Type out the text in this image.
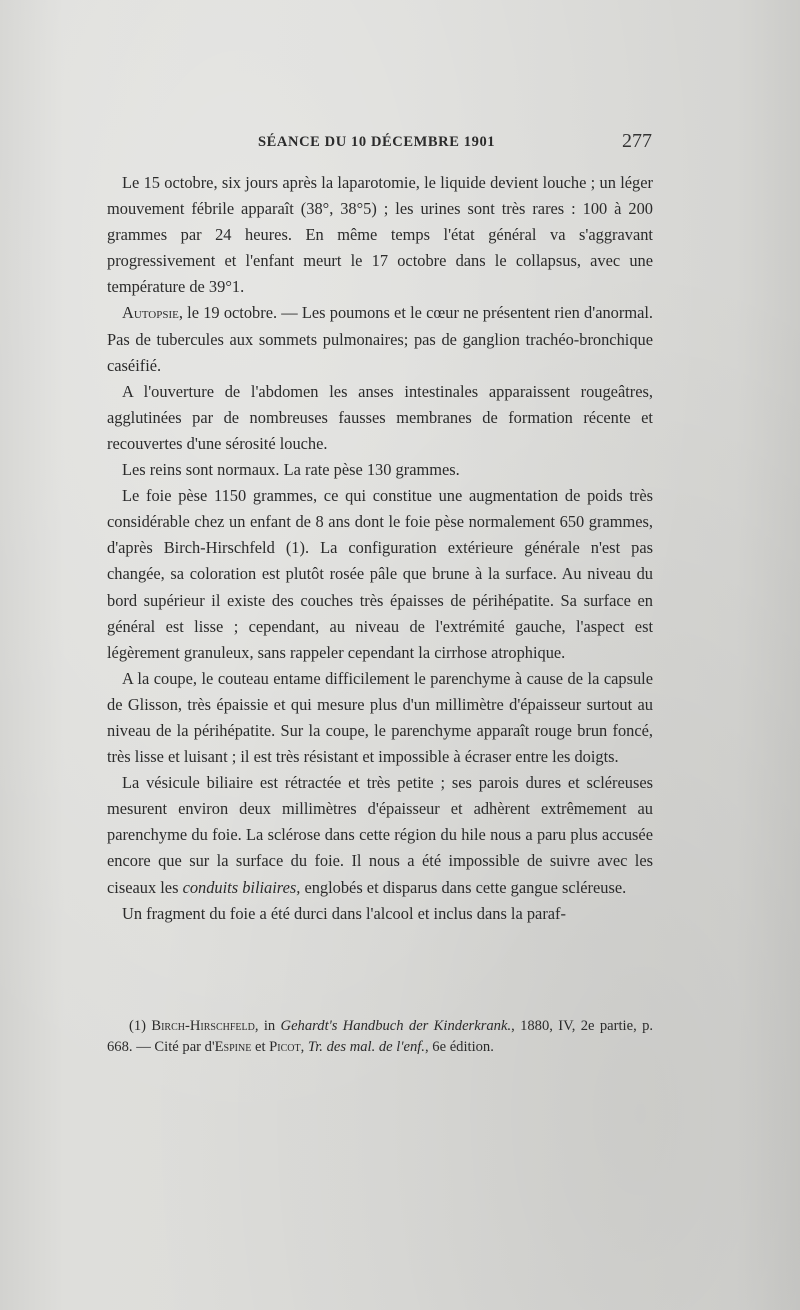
SÉANCE DU 10 DÉCEMBRE 1901	277

Le 15 octobre, six jours après la laparotomie, le liquide devient louche ; un léger mouvement fébrile apparaît (38°, 38°5) ; les urines sont très rares : 100 à 200 grammes par 24 heures. En même temps l'état général va s'aggravant progressivement et l'enfant meurt le 17 octobre dans le collapsus, avec une température de 39°1.

Autopsie, le 19 octobre. — Les poumons et le cœur ne présentent rien d'anormal. Pas de tubercules aux sommets pulmonaires; pas de ganglion trachéo-bronchique caséifié.

A l'ouverture de l'abdomen les anses intestinales apparaissent rougeâtres, agglutinées par de nombreuses fausses membranes de formation récente et recouvertes d'une sérosité louche.

Les reins sont normaux. La rate pèse 130 grammes.

Le foie pèse 1150 grammes, ce qui constitue une augmentation de poids très considérable chez un enfant de 8 ans dont le foie pèse normalement 650 grammes, d'après Birch-Hirschfeld (1). La configuration extérieure générale n'est pas changée, sa coloration est plutôt rosée pâle que brune à la surface. Au niveau du bord supérieur il existe des couches très épaisses de périhépatite. Sa surface en général est lisse ; cependant, au niveau de l'extrémité gauche, l'aspect est légèrement granuleux, sans rappeler cependant la cirrhose atrophique.

A la coupe, le couteau entame difficilement le parenchyme à cause de la capsule de Glisson, très épaissie et qui mesure plus d'un millimètre d'épaisseur surtout au niveau de la périhépatite. Sur la coupe, le parenchyme apparaît rouge brun foncé, très lisse et luisant ; il est très résistant et impossible à écraser entre les doigts.

La vésicule biliaire est rétractée et très petite ; ses parois dures et scléreuses mesurent environ deux millimètres d'épaisseur et adhèrent extrêmement au parenchyme du foie. La sclérose dans cette région du hile nous a paru plus accusée encore que sur la surface du foie. Il nous a été impossible de suivre avec les ciseaux les conduits biliaires, englobés et disparus dans cette gangue scléreuse.

Un fragment du foie a été durci dans l'alcool et inclus dans la paraf-

(1) Birch-Hirschfeld, in Gehardt's Handbuch der Kinderkrank., 1880, IV, 2e partie, p. 668. — Cité par d'Espine et Picot, Tr. des mal. de l'enf., 6e édition.
